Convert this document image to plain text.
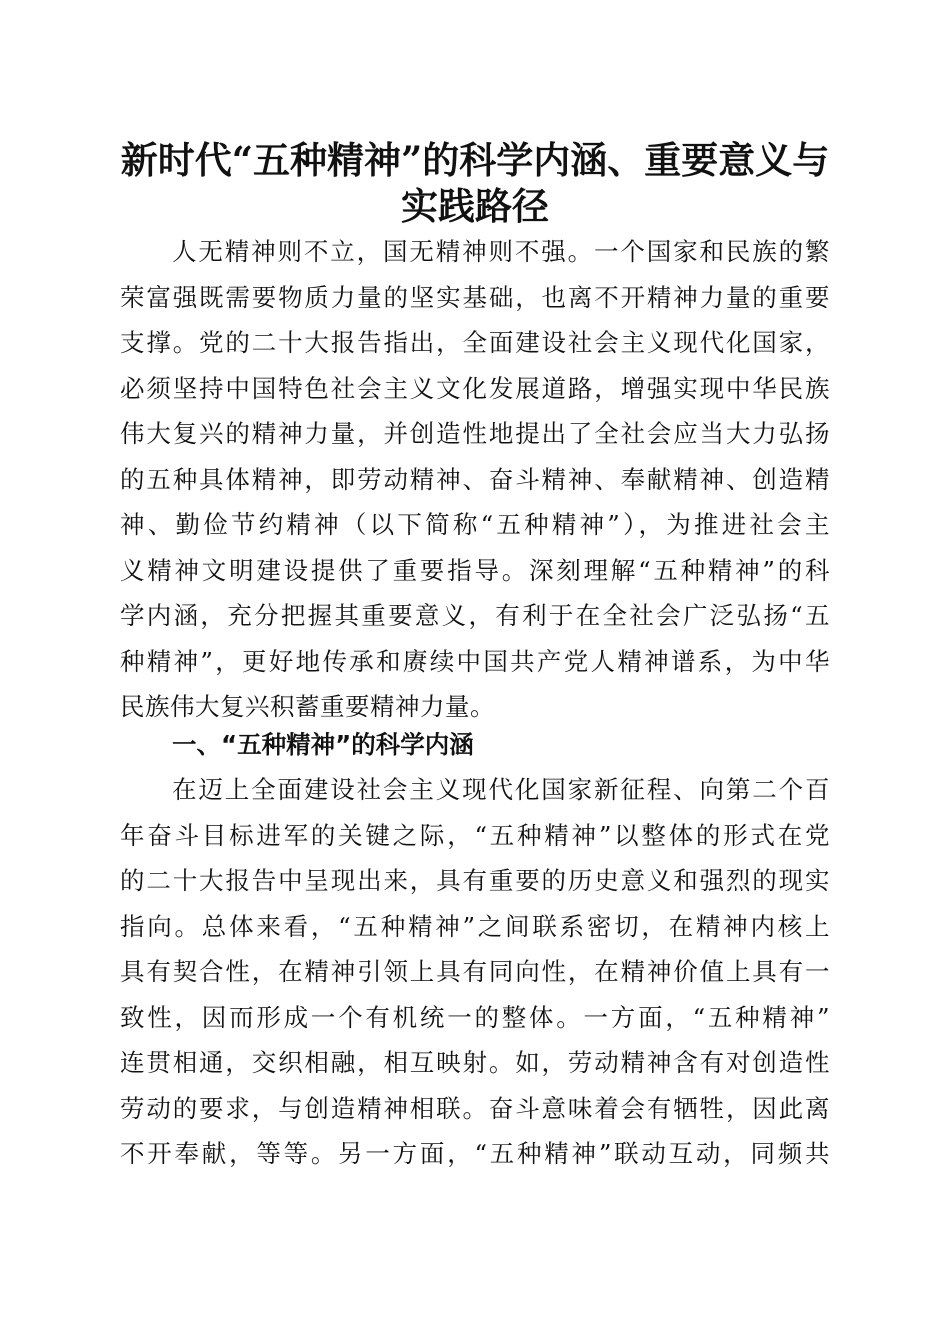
新时代“五种精神”的科学内涵、重要意义与
实践路径
人无精神则不立，国无精神则不强。一个国家和民族的繁
荣富强既需要物质力量的坚实基础，也离不开精神力量的重要
支撑。党的二十大报告指出，全面建设社会主义现代化国家，
必须坚持中国特色社会主义文化发展道路，增强实现中华民族
伟大复兴的精神力量，并创造性地提出了全社会应当大力弘扬
的五种具体精神，即劳动精神、奋斗精神、奉献精神、创造精
神、勤俭节约精神（以下简称“五种精神”），为推进社会主
义精神文明建设提供了重要指导。深刻理解“五种精神”的科
学内涵，充分把握其重要意义，有利于在全社会广泛弘扬“五
种精神”，更好地传承和赓续中国共产党人精神谱系，为中华
民族伟大复兴积蓄重要精神力量。
一、“五种精神”的科学内涵
在迈上全面建设社会主义现代化国家新征程、向第二个百
年奋斗目标进军的关键之际，“五种精神”以整体的形式在党
的二十大报告中呈现出来，具有重要的历史意义和强烈的现实
指向。总体来看，“五种精神”之间联系密切，在精神内核上
具有契合性，在精神引领上具有同向性，在精神价值上具有一
致性，因而形成一个有机统一的整体。一方面，“五种精神”
连贯相通，交织相融，相互映射。如，劳动精神含有对创造性
劳动的要求，与创造精神相联。奋斗意味着会有牺牲，因此离
不开奉献，等等。另一方面，“五种精神”联动互动，同频共
